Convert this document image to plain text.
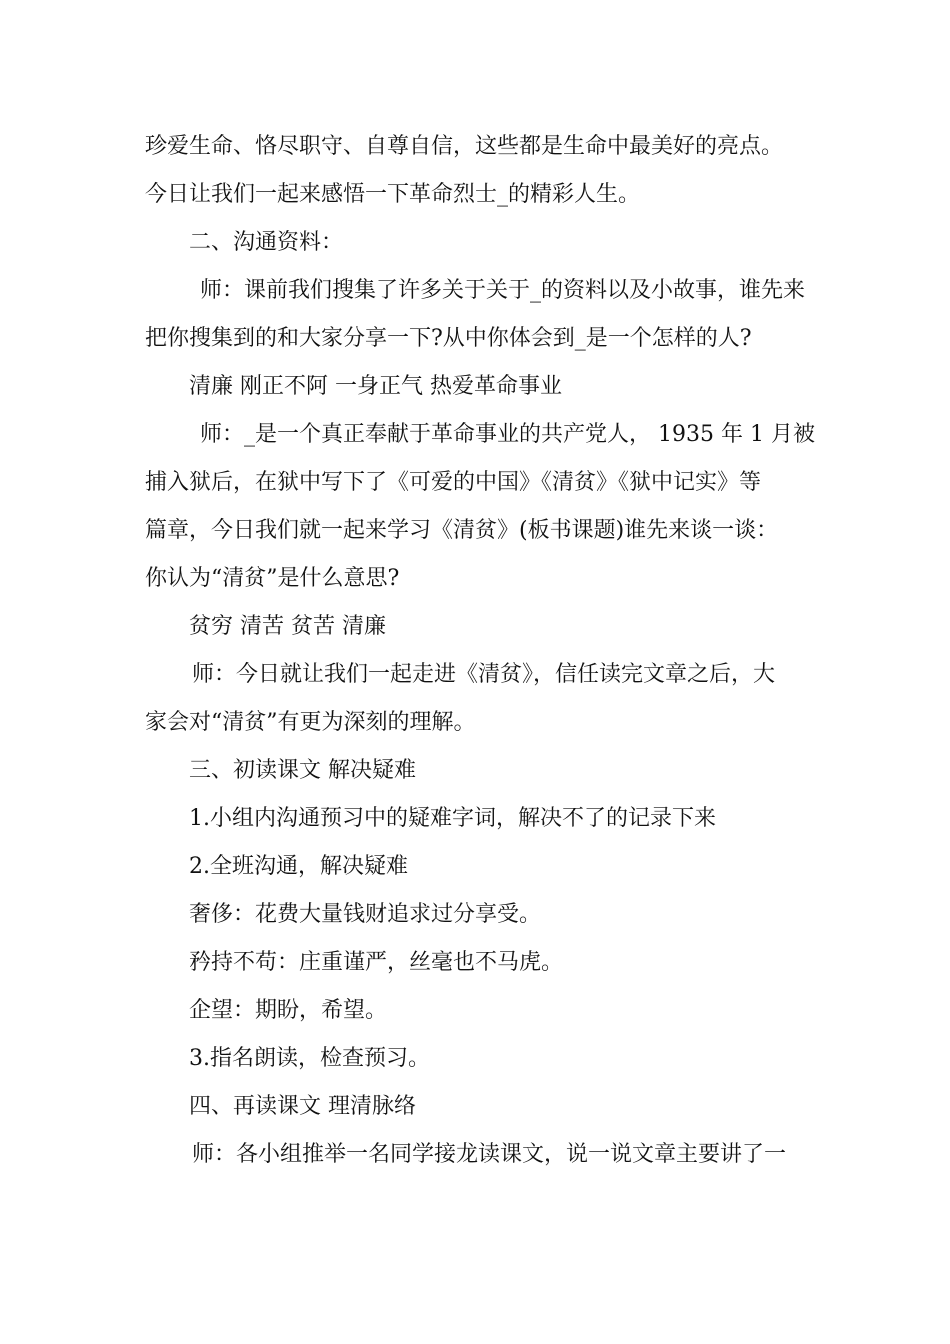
珍爱生命、恪尽职守、自尊自信，这些都是生命中最美好的亮点。
今日让我们一起来感悟一下革命烈士_的精彩人生。
二、沟通资料：
师：课前我们搜集了许多关于关于_的资料以及小故事，谁先来
把你搜集到的和大家分享一下?从中你体会到_是一个怎样的人?
清廉 刚正不阿 一身正气 热爱革命事业
师：_是一个真正奉献于革命事业的共产党人， 1935 年 1 月被
捕入狱后，在狱中写下了《可爱的中国》《清贫》《狱中记实》等
篇章，今日我们就一起来学习《清贫》(板书课题)谁先来谈一谈：
你认为“清贫”是什么意思?
贫穷 清苦 贫苦 清廉
师：今日就让我们一起走进《清贫》，信任读完文章之后，大
家会对“清贫”有更为深刻的理解。
三、初读课文 解决疑难
1.小组内沟通预习中的疑难字词，解决不了的记录下来
2.全班沟通，解决疑难
奢侈：花费大量钱财追求过分享受。
矜持不苟：庄重谨严，丝毫也不马虎。
企望：期盼，希望。
3.指名朗读，检查预习。
四、再读课文 理清脉络
师：各小组推举一名同学接龙读课文，说一说文章主要讲了一
